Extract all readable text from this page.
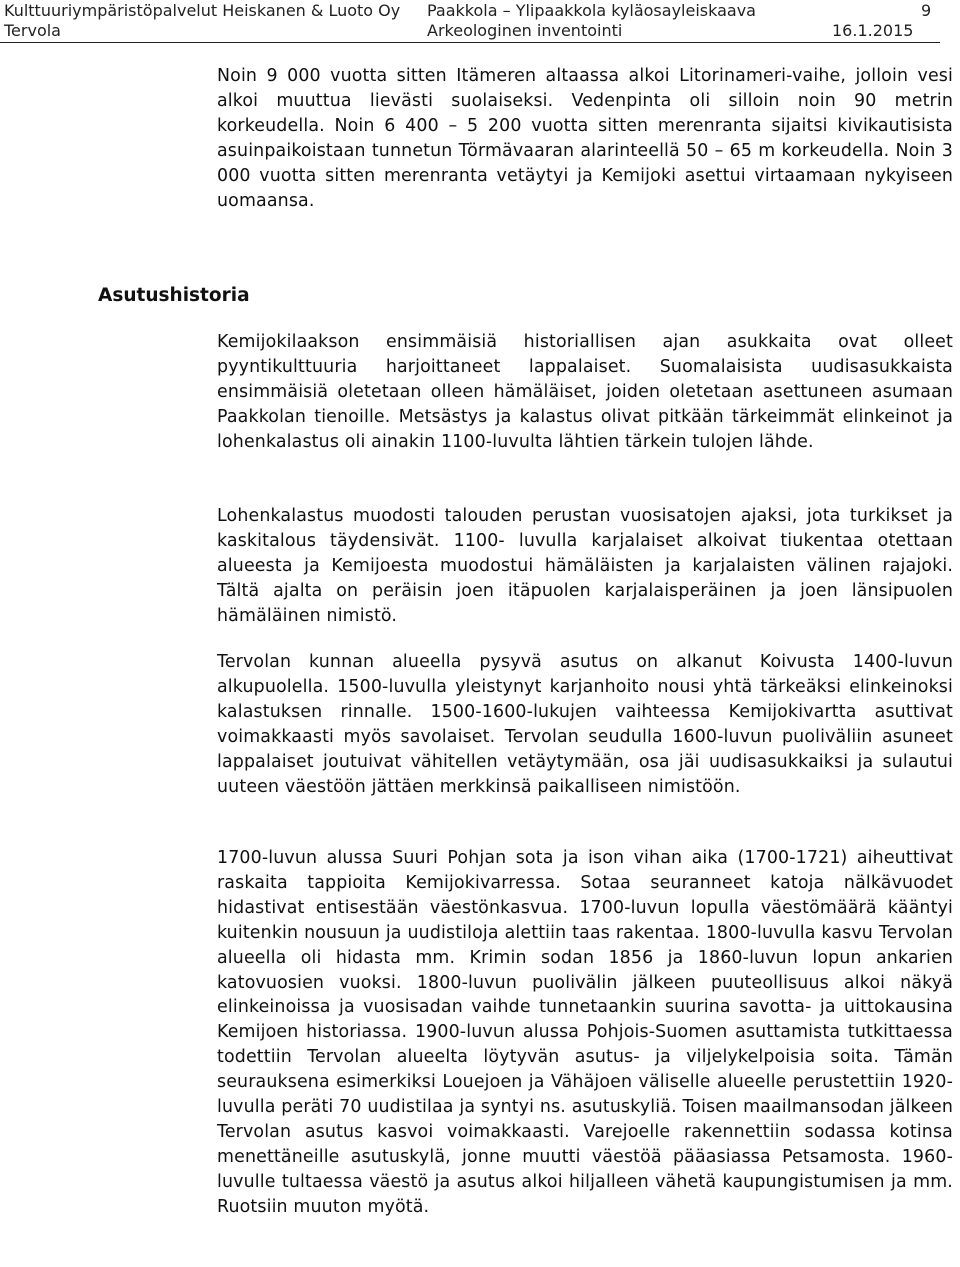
Kulttuuriympäristöpalvelut Heiskanen & Luoto Oy
Tervola
Paakkola – Ylipaakkola kyläosayleiskaava
Arkeologinen inventointi	16.1.2015
9

Noin 9 000 vuotta sitten Itämeren altaassa alkoi Litorinameri-vaihe, jolloin vesi alkoi muuttua lievästi suolaiseksi. Vedenpinta oli silloin noin 90 metrin korkeudella. Noin 6 400 – 5 200 vuotta sitten merenranta sijaitsi kivikautisista asuinpaikoistaan tunnetun Törmävaaran alarinteellä 50 – 65 m korkeudella. Noin 3 000 vuotta sitten merenranta vetäytyi ja Kemijoki asettui virtaamaan nykyiseen uomaansa.

Asutushistoria

Kemijokilaakson ensimmäisiä historiallisen ajan asukkaita ovat olleet pyyntikulttuuria harjoittaneet lappalaiset. Suomalaisista uudisasukkaista ensimmäisiä oletetaan olleen hämäläiset, joiden oletetaan asettuneen asumaan Paakkolan tienoille. Metsästys ja kalastus olivat pitkään tärkeimmät elinkeinot ja lohenkalastus oli ainakin 1100-luvulta lähtien tärkein tulojen lähde.

Lohenkalastus muodosti talouden perustan vuosisatojen ajaksi, jota turkikset ja kaskitalous täydensivät. 1100- luvulla karjalaiset alkoivat tiukentaa otettaan alueesta ja Kemijoesta muodostui hämäläisten ja karjalaisten välinen rajajoki. Tältä ajalta on peräisin joen itäpuolen karjalaisperäinen ja joen länsipuolen hämäläinen nimistö.

Tervolan kunnan alueella pysyvä asutus on alkanut Koivusta 1400-luvun alkupuolella. 1500-luvulla yleistynyt karjanhoito nousi yhtä tärkeäksi elinkeinoksi kalastuksen rinnalle. 1500-1600-lukujen vaihteessa Kemijokivartta asuttivat voimakkaasti myös savolaiset. Tervolan seudulla 1600-luvun puoliväliin asuneet lappalaiset joutuivat vähitellen vetäytymään, osa jäi uudisasukkaiksi ja sulautui uuteen väestöön jättäen merkkinsä paikalliseen nimistöön.

1700-luvun alussa Suuri Pohjan sota ja ison vihan aika (1700-1721) aiheuttivat raskaita tappioita Kemijokivarressa. Sotaa seuranneet katoja nälkävuodet hidastivat entisestään väestönkasvua. 1700-luvun lopulla väestömäärä kääntyi kuitenkin nousuun ja uudistiloja alettiin taas rakentaa. 1800-luvulla kasvu Tervolan alueella oli hidasta mm. Krimin sodan 1856 ja 1860-luvun lopun ankarien katovuosien vuoksi. 1800-luvun puolivälin jälkeen puuteollisuus alkoi näkyä elinkeinoissa ja vuosisadan vaihde tunnetaankin suurina savotta- ja uittokausina Kemijoen historiassa. 1900-luvun alussa Pohjois-Suomen asuttamista tutkittaessa todettiin Tervolan alueelta löytyvän asutus- ja viljelykelpoisia soita. Tämän seurauksena esimerkiksi Louejoen ja Vähäjoen väliselle alueelle perustettiin 1920-luvulla peräti 70 uudistilaa ja syntyi ns. asutuskyliä. Toisen maailmansodan jälkeen Tervolan asutus kasvoi voimakkaasti. Varejoelle rakennettiin sodassa kotinsa menettäneille asutuskylä, jonne muutti väestöä pääasiassa Petsamosta. 1960-luvulle tultaessa väestö ja asutus alkoi hiljalleen vähetä kaupungistumisen ja mm. Ruotsiin muuton myötä.
